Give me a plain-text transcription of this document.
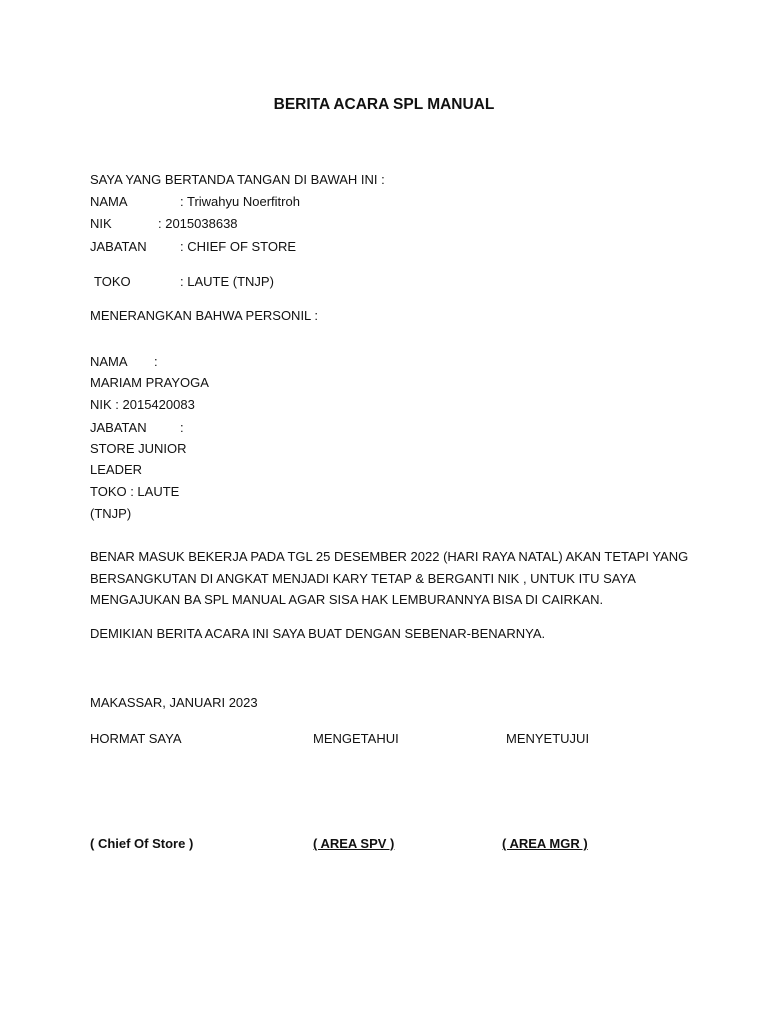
BERITA ACARA SPL MANUAL
SAYA YANG BERTANDA TANGAN DI BAWAH INI :
NAMA	: Triwahyu Noerfitroh
NIK	: 2015038638
JABATAN	: CHIEF OF STORE
TOKO	: LAUTE (TNJP)
MENERANGKAN BAHWA PERSONIL :
NAMA :
MARIAM PRAYOGA
NIK : 2015420083
JABATAN	:
STORE JUNIOR
LEADER
TOKO : LAUTE
(TNJP)
BENAR MASUK BEKERJA PADA TGL 25 DESEMBER 2022 (HARI RAYA NATAL) AKAN TETAPI YANG BERSANGKUTAN DI ANGKAT MENJADI KARY TETAP & BERGANTI NIK , UNTUK ITU SAYA MENGAJUKAN BA SPL MANUAL AGAR SISA HAK LEMBURANNYA BISA DI CAIRKAN.
DEMIKIAN BERITA ACARA INI SAYA BUAT DENGAN SEBENAR-BENARNYA.
MAKASSAR, JANUARI 2023
HORMAT SAYA	MENGETAHUI	MENYETUJUI
( Chief Of Store )	( AREA SPV )	( AREA MGR )
